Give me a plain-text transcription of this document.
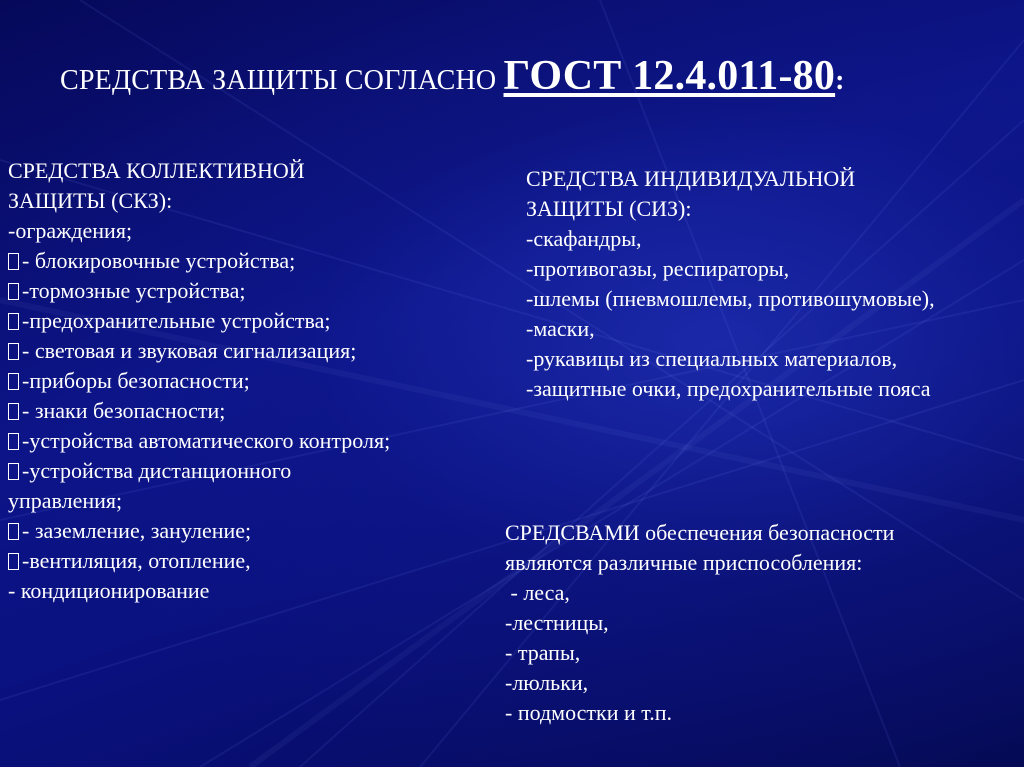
СРЕДСТВА ЗАЩИТЫ СОГЛАСНО ГОСТ 12.4.011-80:
СРЕДСТВА КОЛЛЕКТИВНОЙ
ЗАЩИТЫ (СКЗ):
-ограждения;
- блокировочные устройства;
-тормозные устройства;
-предохранительные устройства;
- световая и звуковая сигнализация;
-приборы безопасности;
- знаки безопасности;
-устройства автоматического контроля;
-устройства дистанционного
управления;
- заземление, зануление;
-вентиляция, отопление,
- кондиционирование
СРЕДСТВА ИНДИВИДУАЛЬНОЙ
ЗАЩИТЫ (СИЗ):
-скафандры,
-противогазы, респираторы,
-шлемы (пневмошлемы, противошумовые),
-маски,
-рукавицы из специальных материалов,
-защитные очки, предохранительные пояса
СРЕДСВАМИ обеспечения безопасности
являются различные приспособления:
- леса,
-лестницы,
- трапы,
-люльки,
- подмостки и т.п.
